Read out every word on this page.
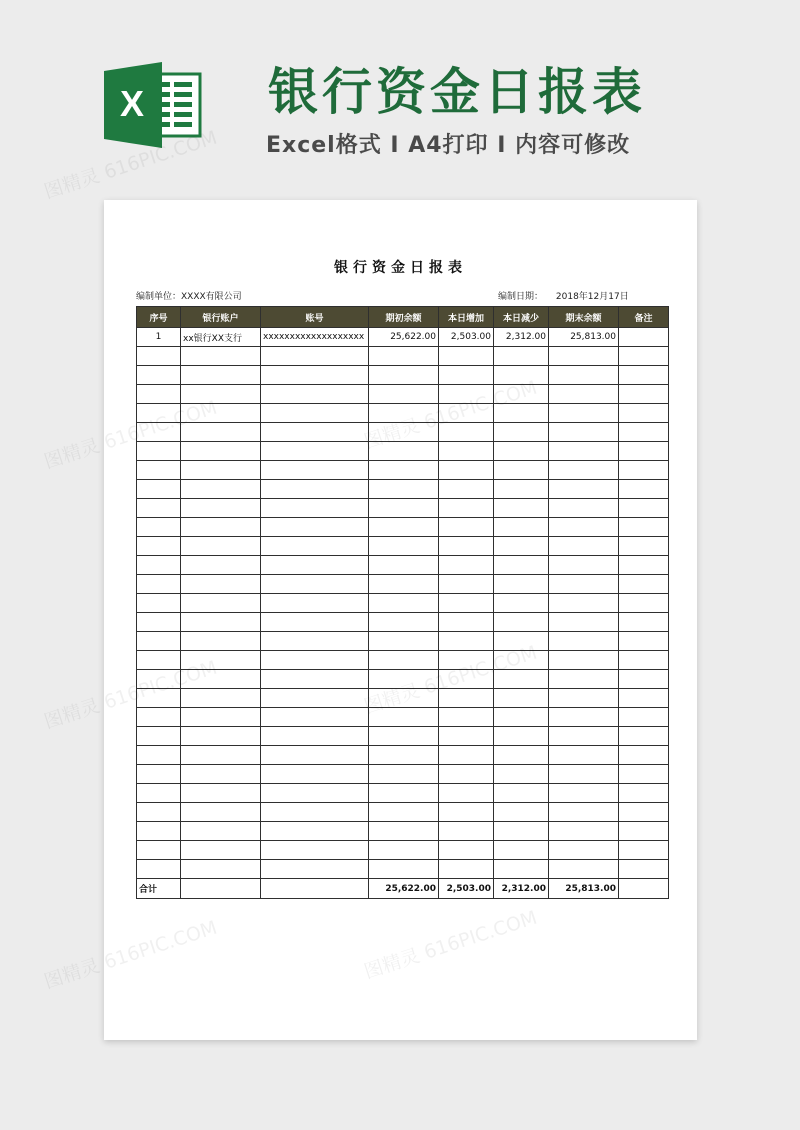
X 银行资金日报表

Excel格式 I A4打印 I 内容可修改

银行资金日报表
编制单位：XXXX有限公司	编制日期： 2018年12月17日
序号	银行账户	账号	期初余额	本日增加	本日减少	期末余额	备注
1	xx银行XX支行	xxxxxxxxxxxxxxxxxxx	25,622.00	2,503.00	2,312.00	25,813.00	

合计			25,622.00	2,503.00	2,312.00	25,813.00	
图精灵
图精灵
图精灵
图精灵 616PIC.COM
